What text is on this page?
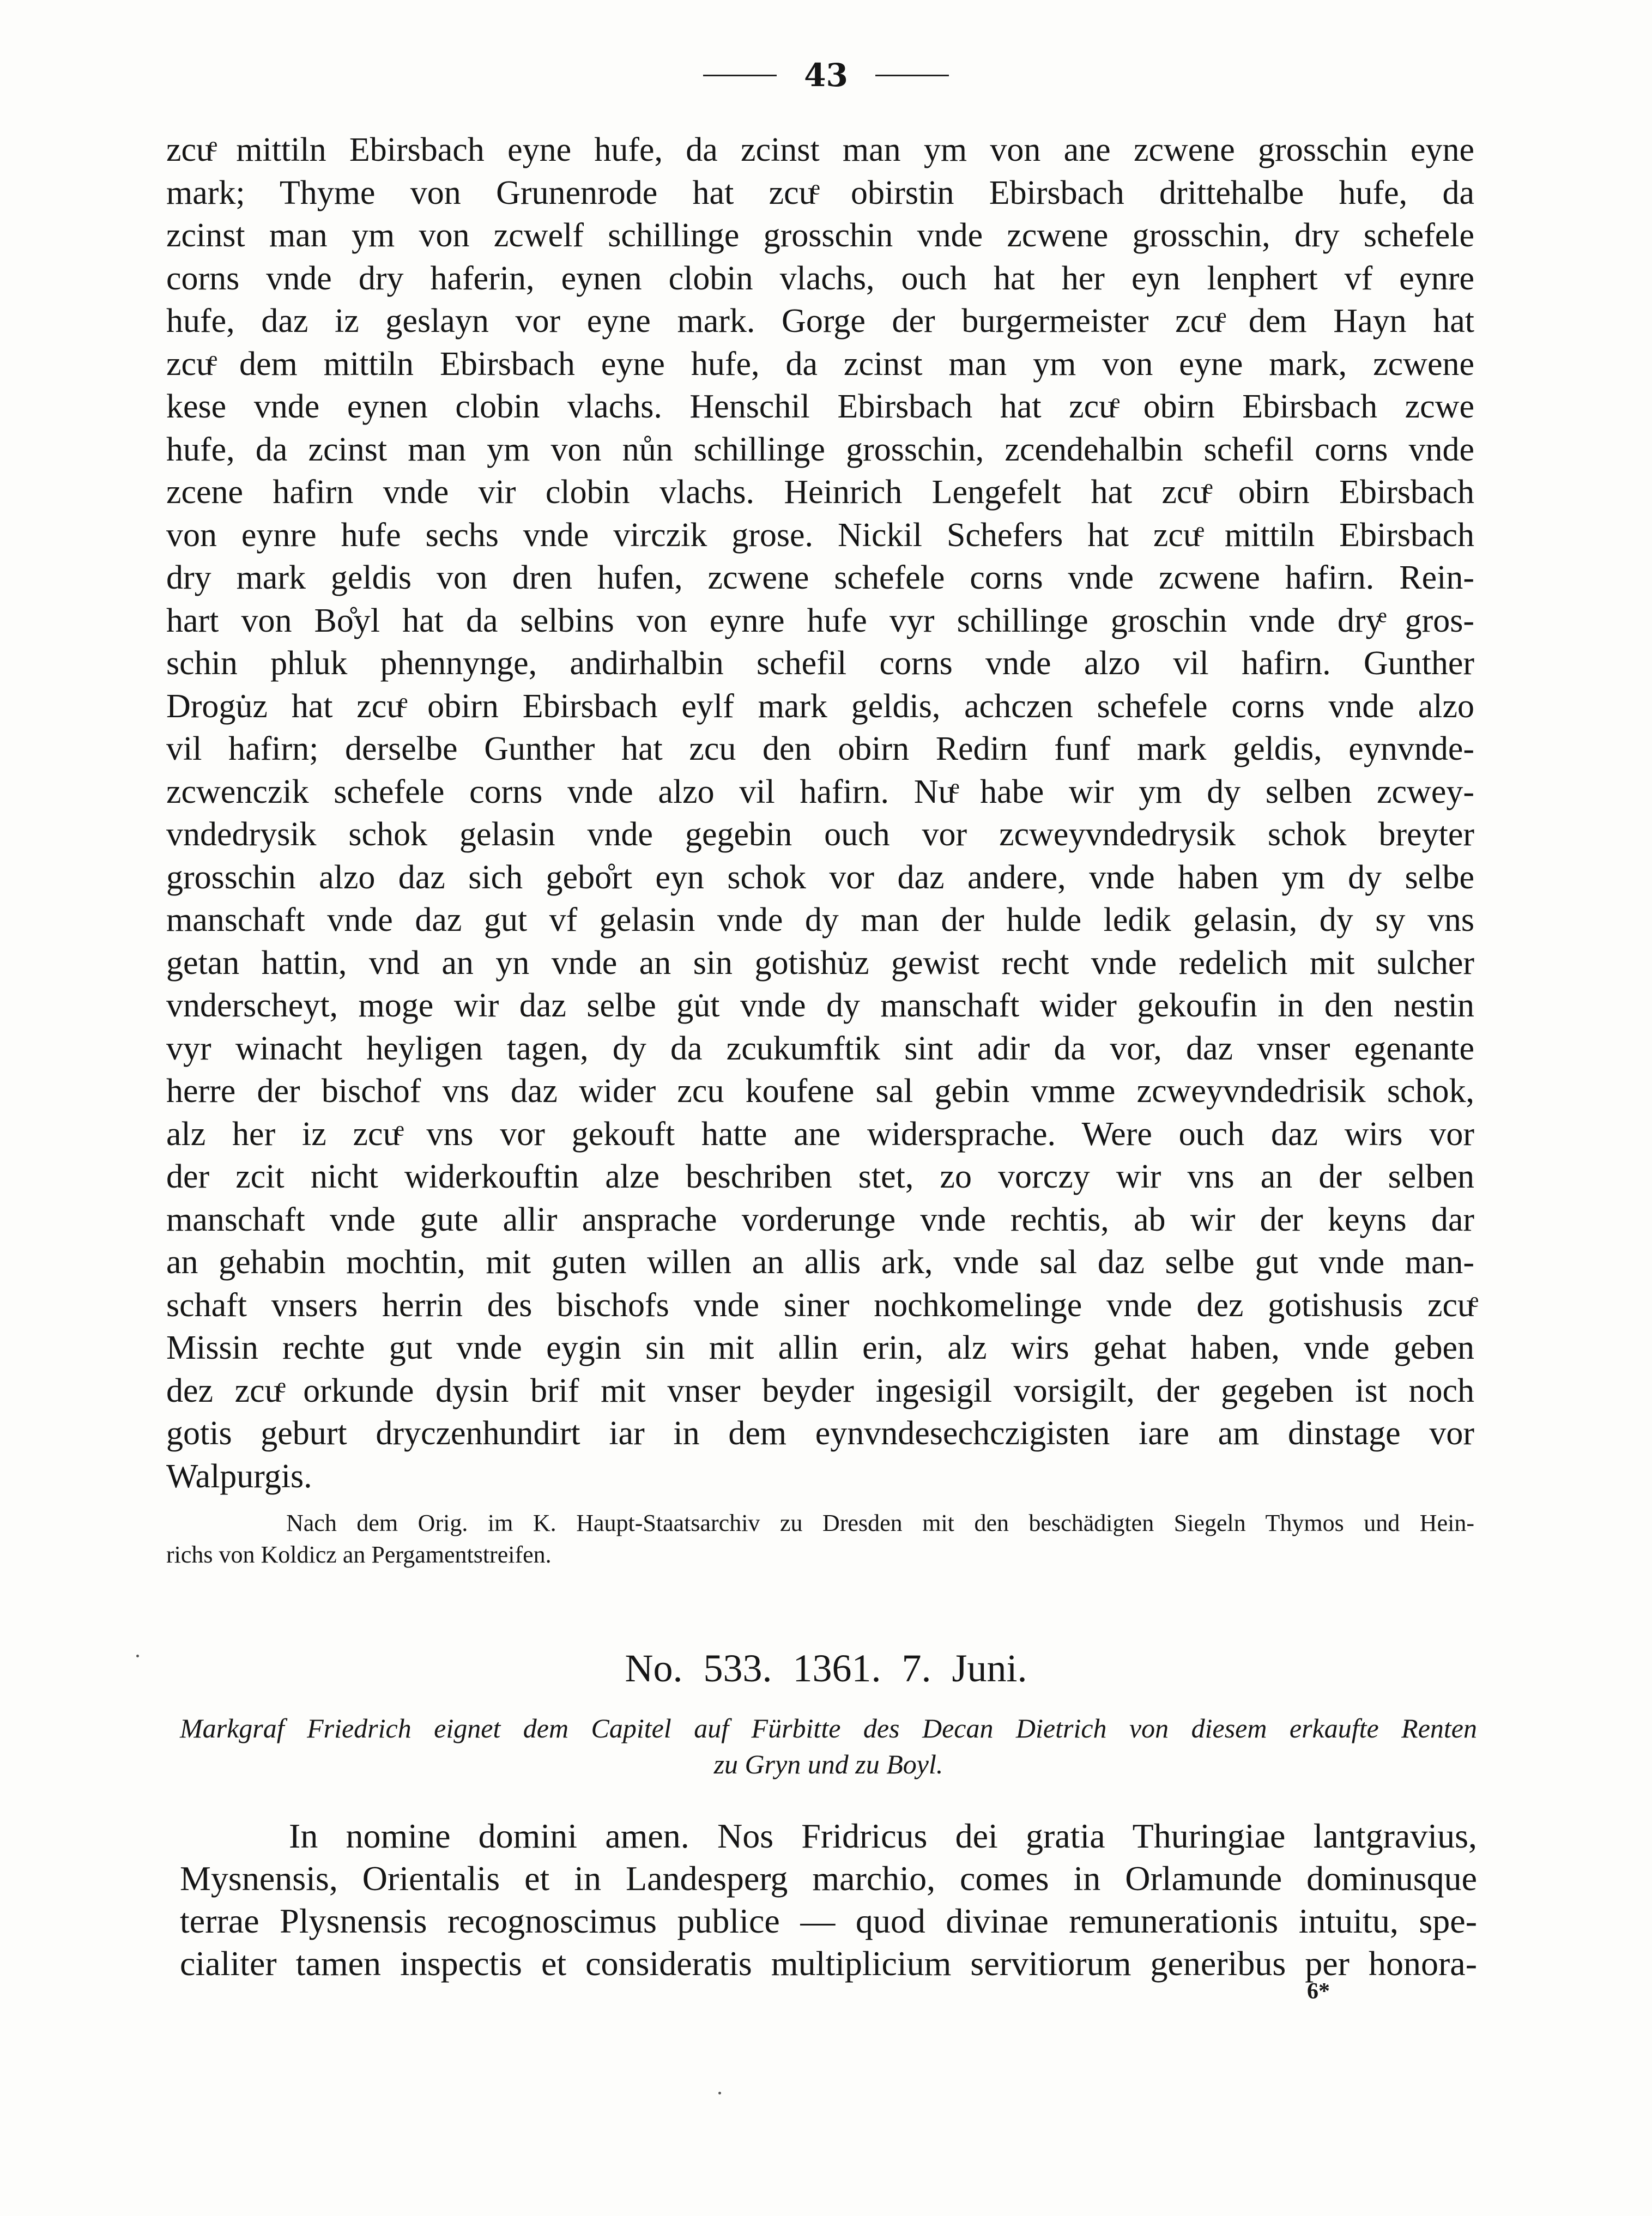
43
zcuͤ mittiln Ebirsbach eyne hufe, da zcinst man ym von ane zcwene grosschin eyne
mark; Thyme von Grunenrode hat zcuͤ obirstin Ebirsbach drittehalbe hufe, da
zcinst man ym von zcwelf schillinge grosschin vnde zcwene grosschin, dry schefele
corns vnde dry haferin, eynen clobin vlachs, ouch hat her eyn lenphert vf eynre
hufe, daz iz geslayn vor eyne mark. Gorge der burgermeister zcuͤ dem Hayn hat
zcuͤ dem mittiln Ebirsbach eyne hufe, da zcinst man ym von eyne mark, zcwene
kese vnde eynen clobin vlachs. Henschil Ebirsbach hat zcuͤ obirn Ebirsbach zcwe
hufe, da zcinst man ym von nůn schillinge grosschin, zcendehalbin schefil corns vnde
zcene hafirn vnde vir clobin vlachs. Heinrich Lengefelt hat zcuͤ obirn Ebirsbach
von eynre hufe sechs vnde virczik grose. Nickil Schefers hat zcuͤ mittiln Ebirsbach
dry mark geldis von dren hufen, zcwene schefele corns vnde zcwene hafirn. Rein-
hart von Bo̊yl hat da selbins von eynre hufe vyr schillinge groschin vnde dryͤ gros-
schin phluk phennynge, andirhalbin schefil corns vnde alzo vil hafirn. Gunther
Drogu̇z hat zcuͤ obirn Ebirsbach eylf mark geldis, achczen schefele corns vnde alzo
vil hafirn; derselbe Gunther hat zcu den obirn Redirn funf mark geldis, eynvnde-
zcwenczik schefele corns vnde alzo vil hafirn. Nuͤ habe wir ym dy selben zcwey-
vndedrysik schok gelasin vnde gegebin ouch vor zcweyvndedrysik schok breyter
grosschin alzo daz sich gebo̊rt eyn schok vor daz andere, vnde haben ym dy selbe
manschaft vnde daz gut vf gelasin vnde dy man der hulde ledik gelasin, dy sy vns
getan hattin, vnd an yn vnde an sin gotishu̇z gewist recht vnde redelich mit sulcher
vnderscheyt, moge wir daz selbe gu̇t vnde dy manschaft wider gekoufin in den nestin
vyr winacht heyligen tagen, dy da zcukumftik sint adir da vor, daz vnser egenante
herre der bischof vns daz wider zcu koufene sal gebin vmme zcweyvndedrisik schok,
alz her iz zcuͤ vns vor gekouft hatte ane widersprache. Were ouch daz wirs vor
der zcit nicht widerkouftin alze beschriben stet, zo vorczy wir vns an der selben
manschaft vnde gute allir ansprache vorderunge vnde rechtis, ab wir der keyns dar
an gehabin mochtin, mit guten willen an allis ark, vnde sal daz selbe gut vnde man-
schaft vnsers herrin des bischofs vnde siner nochkomelinge vnde dez gotishusis zcuͤ
Missin rechte gut vnde eygin sin mit allin erin, alz wirs gehat haben, vnde geben
dez zcuͤ orkunde dysin brif mit vnser beyder ingesigil vorsigilt, der gegeben ist noch
gotis geburt dryczenhundirt iar in dem eynvndesechczigisten iare am dinstage vor
Walpurgis.
Nach dem Orig. im K. Haupt-Staatsarchiv zu Dresden mit den beschädigten Siegeln Thymos und Hein-
richs von Koldicz an Pergamentstreifen.
No. 533. 1361. 7. Juni.
Markgraf Friedrich eignet dem Capitel auf Fürbitte des Decan Dietrich von diesem erkaufte Renten
zu Gryn und zu Boyl.
In nomine domini amen. Nos Fridricus dei gratia Thuringiae lantgravius,
Mysnensis, Orientalis et in Landesperg marchio, comes in Orlamunde dominusque
terrae Plysnensis recognoscimus publice — quod divinae remunerationis intuitu, spe-
cialiter tamen inspectis et consideratis multiplicium servitiorum generibus per honora-
6*
